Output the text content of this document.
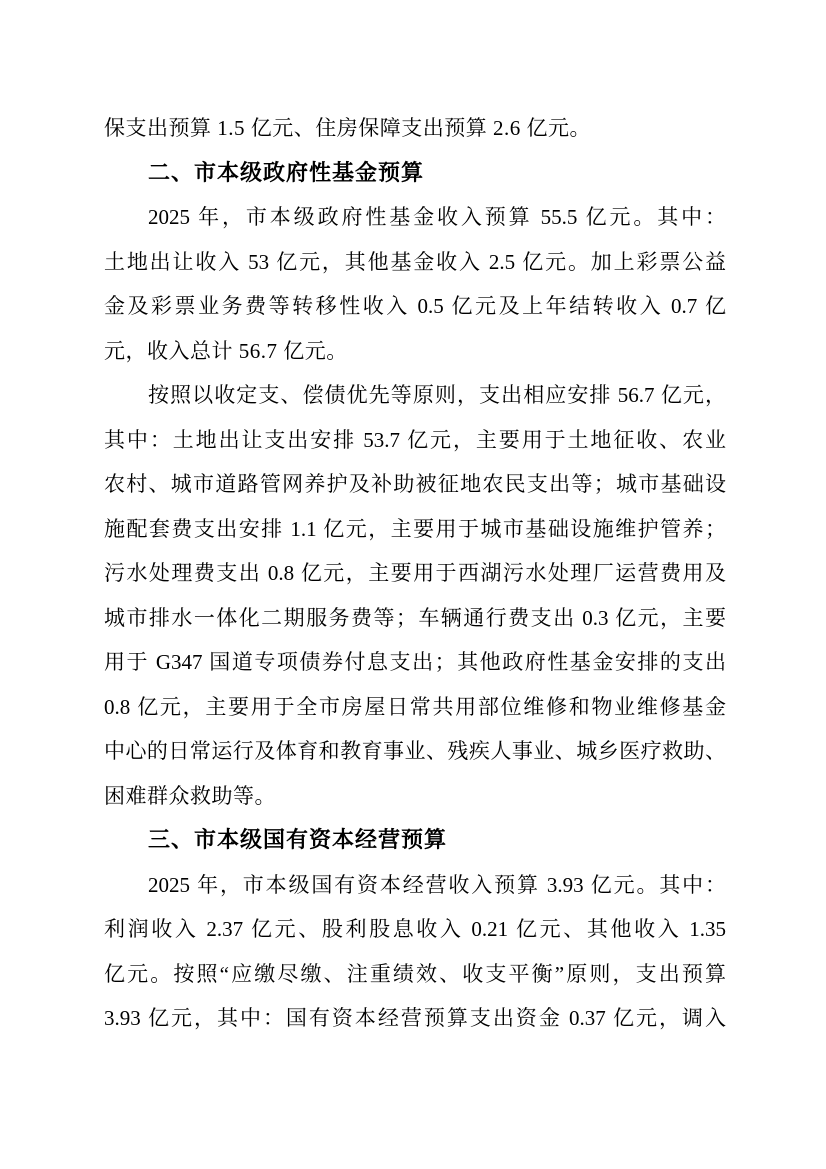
保支出预算 1.5 亿元、住房保障支出预算 2.6 亿元。
二、市本级政府性基金预算
2025 年，市本级政府性基金收入预算 55.5 亿元。其中：
土地出让收入 53 亿元，其他基金收入 2.5 亿元。加上彩票公益
金及彩票业务费等转移性收入 0.5 亿元及上年结转收入 0.7 亿
元，收入总计 56.7 亿元。
按照以收定支、偿债优先等原则，支出相应安排 56.7 亿元，
其中：土地出让支出安排 53.7 亿元，主要用于土地征收、农业
农村、城市道路管网养护及补助被征地农民支出等；城市基础设
施配套费支出安排 1.1 亿元，主要用于城市基础设施维护管养；
污水处理费支出 0.8 亿元，主要用于西湖污水处理厂运营费用及
城市排水一体化二期服务费等；车辆通行费支出 0.3 亿元，主要
用于 G347 国道专项债券付息支出；其他政府性基金安排的支出
0.8 亿元，主要用于全市房屋日常共用部位维修和物业维修基金
中心的日常运行及体育和教育事业、残疾人事业、城乡医疗救助、
困难群众救助等。
三、市本级国有资本经营预算
2025 年，市本级国有资本经营收入预算 3.93 亿元。其中：
利润收入 2.37 亿元、股利股息收入 0.21 亿元、其他收入 1.35
亿元。按照“应缴尽缴、注重绩效、收支平衡”原则，支出预算
3.93 亿元，其中：国有资本经营预算支出资金 0.37 亿元，调入
